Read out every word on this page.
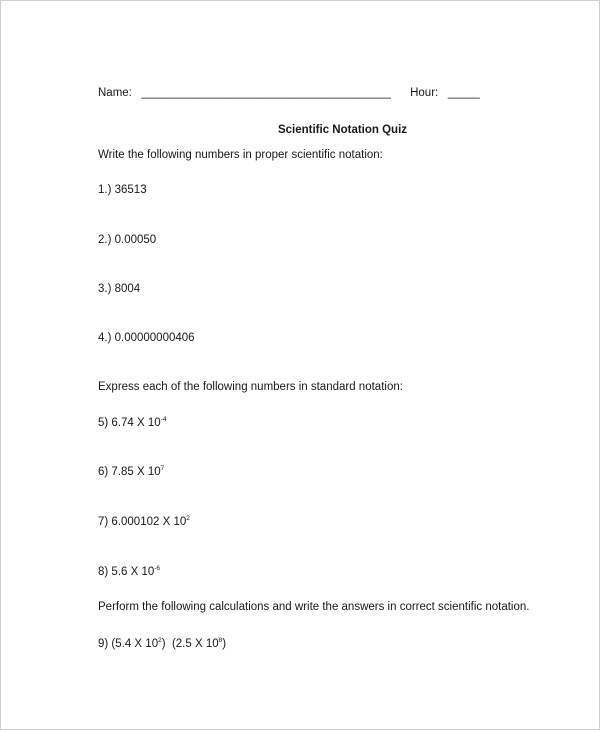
Name: _______________________________________ Hour: _____
Scientific Notation Quiz
Write the following numbers in proper scientific notation:
1.) 36513
2.) 0.00050
3.) 8004
4.) 0.00000000406
Express each of the following numbers in standard notation:
5) 6.74 X $10^{-4}$
6) 7.85 X $10^7$
7) 6.000102 X $10^2$
8) 5.6 X $10^{-6}$
Perform the following calculations and write the answers in correct scientific notation.
9) (5.4 X $10^2$)  (2.5 X $10^8$)
